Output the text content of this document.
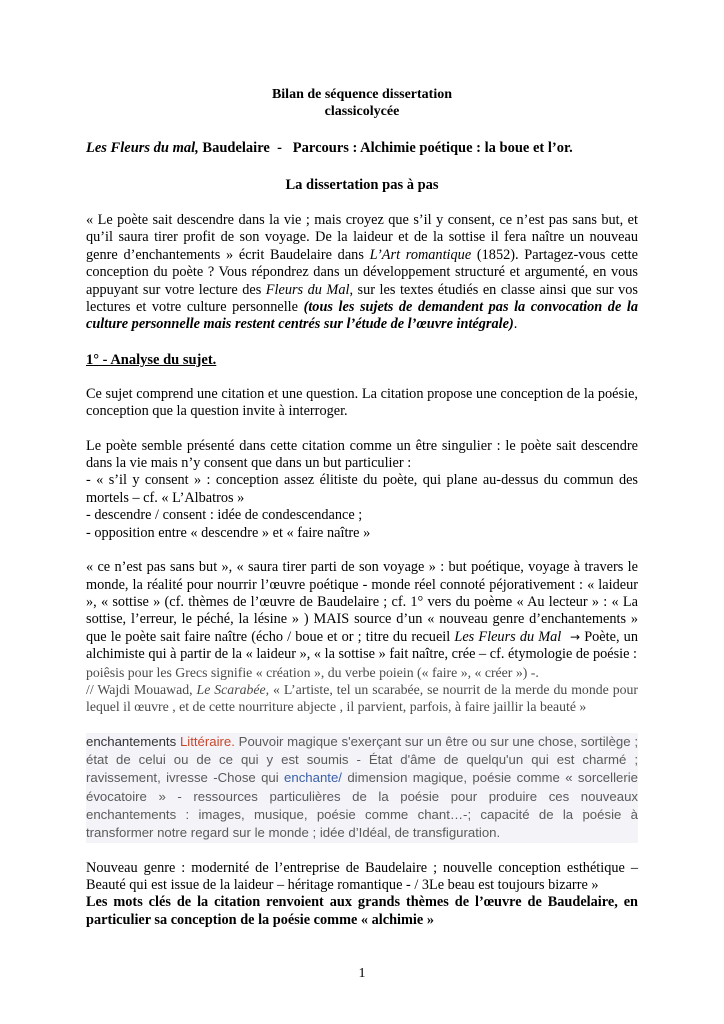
Bilan de séquence dissertation
classicolycée
Les Fleurs du mal, Baudelaire  -   Parcours : Alchimie poétique : la boue et l’or.
La dissertation pas à pas

« Le poète sait descendre dans la vie ; mais croyez que s’il y consent, ce n’est pas sans but, et qu’il saura tirer profit de son voyage. De la laideur et de la sottise il fera naître un nouveau genre d’enchantements » écrit Baudelaire dans L’Art romantique (1852). Partagez-vous cette conception du poète ? Vous répondrez dans un développement structuré et argumenté, en vous appuyant sur votre lecture des Fleurs du Mal, sur les textes étudiés en classe ainsi que sur vos lectures et votre culture personnelle (tous les sujets de demandent pas la convocation de la culture personnelle mais restent centrés sur l’étude de l’œuvre intégrale).

1° - Analyse du sujet.

Ce sujet comprend une citation et une question. La citation propose une conception de la poésie, conception que la question invite à interroger.

Le poète semble présenté dans cette citation comme un être singulier : le poète sait descendre dans la vie mais n’y consent que dans un but particulier :

- « s’il y consent » : conception assez élitiste du poète, qui plane au-dessus du commun des mortels – cf. « L’Albatros »

- descendre / consent : idée de condescendance ;

- opposition entre « descendre » et « faire naître »

« ce n’est pas sans but », « saura tirer parti de son voyage » : but poétique, voyage à travers le monde, la réalité pour nourrir l’œuvre poétique - monde réel connoté péjorativement : « laideur », « sottise » (cf. thèmes de l’œuvre de Baudelaire ; cf. 1° vers du poème « Au lecteur » : « La sottise, l’erreur, le péché, la lésine » ) MAIS source d’un « nouveau genre d’enchantements » que le poète sait faire naître (écho / boue et or ; titre du recueil Les Fleurs du Mal  → Poète, un alchimiste qui à partir de la « laideur », « la sottise » fait naître, crée – cf. étymologie de poésie :

poiêsis pour les Grecs signifie « création », du verbe poiein (« faire », « créer ») -.

// Wajdi Mouawad, Le Scarabée, « L’artiste, tel un scarabée, se nourrit de la merde du monde pour lequel il œuvre , et de cette nourriture abjecte , il parvient, parfois, à faire jaillir la beauté »

enchantements Littéraire. Pouvoir magique s'exerçant sur un être ou sur une chose, sortilège ; état de celui ou de ce qui y est soumis - État d'âme de quelqu'un qui est charmé ; ravissement, ivresse -Chose qui enchante/ dimension magique, poésie comme « sorcellerie évocatoire » - ressources particulières de la poésie pour produire ces nouveaux enchantements : images, musique, poésie comme chant…-; capacité de la poésie à transformer notre regard sur le monde ; idée d’Idéal, de transfiguration.

Nouveau genre : modernité de l’entreprise de Baudelaire ; nouvelle conception esthétique – Beauté qui est issue de la laideur – héritage romantique - / 3Le beau est toujours bizarre »

Les mots clés de la citation renvoient aux grands thèmes de l’œuvre de Baudelaire, en particulier sa conception de la poésie comme « alchimie »

1
